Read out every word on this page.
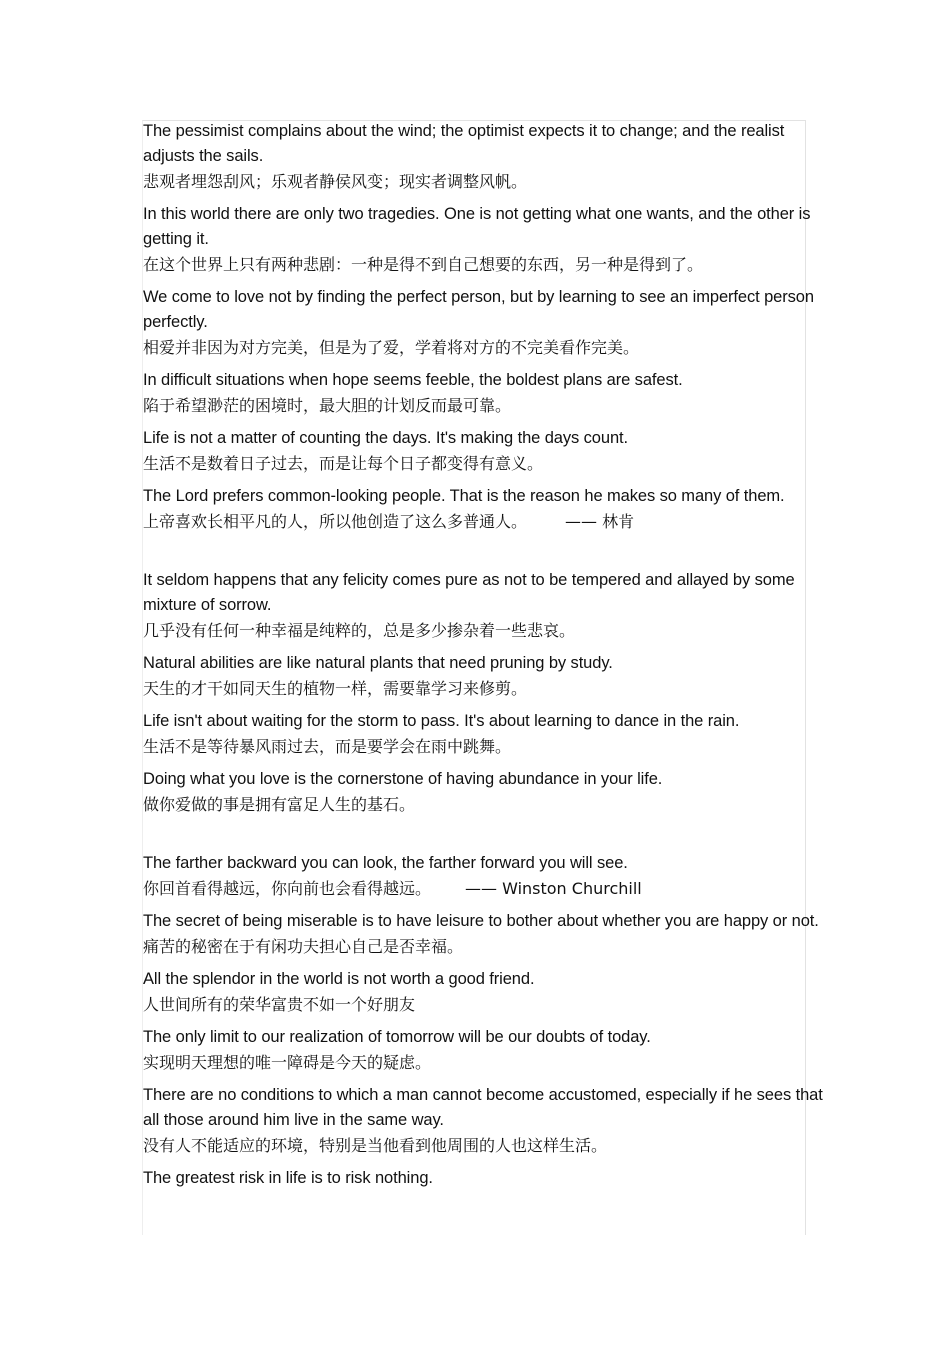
The pessimist complains about the wind; the optimist expects it to change; and the realist adjusts the sails.

悲观者埋怨刮风；乐观者静侯风变；现实者调整风帆。

In this world there are only two tragedies. One is not getting what one wants, and the other is getting it.

在这个世界上只有两种悲剧：一种是得不到自己想要的东西，另一种是得到了。

We come to love not by finding the perfect person, but by learning to see an imperfect person perfectly.

相爱并非因为对方完美，但是为了爱，学着将对方的不完美看作完美。

In difficult situations when hope seems feeble, the boldest plans are safest.

陷于希望渺茫的困境时，最大胆的计划反而最可靠。

Life is not a matter of counting the days. It's making the days count.

生活不是数着日子过去，而是让每个日子都变得有意义。

The Lord prefers common-looking people. That is the reason he makes so many of them.

上帝喜欢长相平凡的人，所以他创造了这么多普通人。 —— 林肯

It seldom happens that any felicity comes pure as not to be tempered and allayed by some mixture of sorrow.

几乎没有任何一种幸福是纯粹的，总是多少掺杂着一些悲哀。

Natural abilities are like natural plants that need pruning by study.

天生的才干如同天生的植物一样，需要靠学习来修剪。

Life isn't about waiting for the storm to pass. It's about learning to dance in the rain.

生活不是等待暴风雨过去，而是要学会在雨中跳舞。

Doing what you love is the cornerstone of having abundance in your life.

做你爱做的事是拥有富足人生的基石。

The farther backward you can look, the farther forward you will see.

你回首看得越远，你向前也会看得越远。 —— Winston Churchill

The secret of being miserable is to have leisure to bother about whether you are happy or not.

痛苦的秘密在于有闲功夫担心自己是否幸福。

All the splendor in the world is not worth a good friend.

人世间所有的荣华富贵不如一个好朋友

The only limit to our realization of tomorrow will be our doubts of today.

实现明天理想的唯一障碍是今天的疑虑。

There are no conditions to which a man cannot become accustomed, especially if he sees that all those around him live in the same way.

没有人不能适应的环境，特别是当他看到他周围的人也这样生活。

The greatest risk in life is to risk nothing.
